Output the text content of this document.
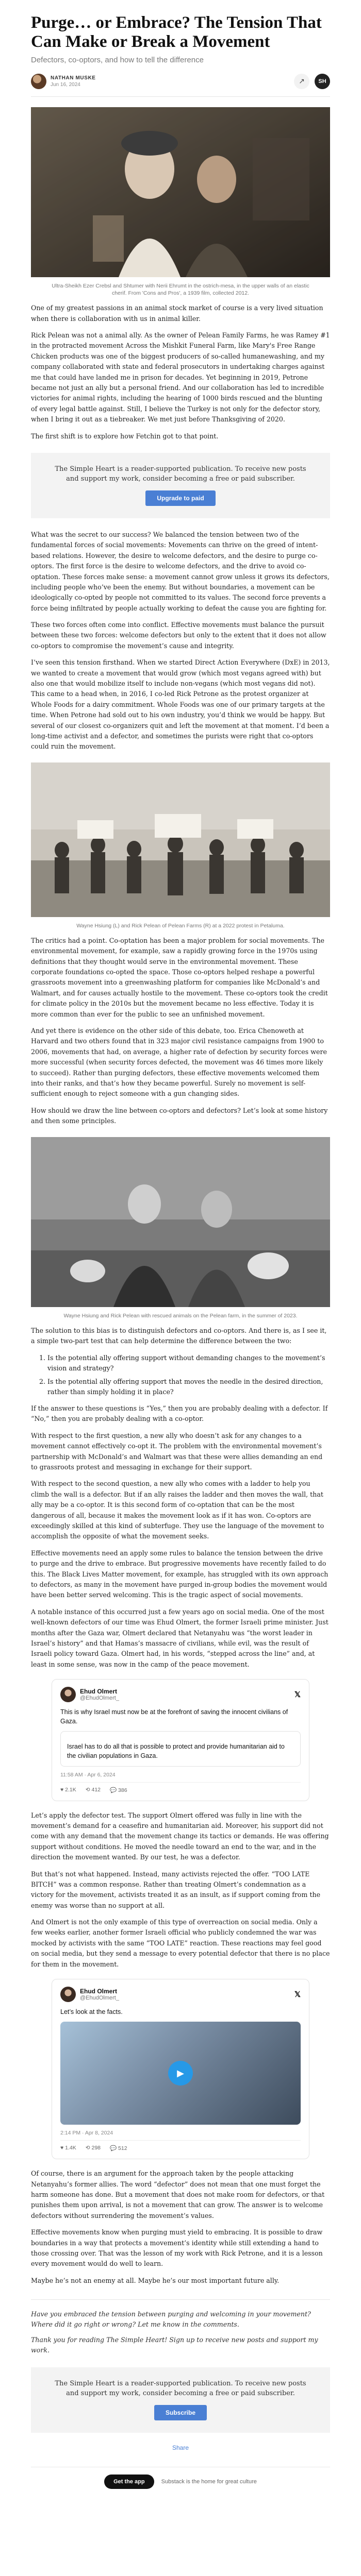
Purge… or Embrace? The Tension That Can Make or Break a Movement
Defectors, co-optors, and how to tell the difference
NATHAN MUSKE
Jun 16, 2024	↗	SH
Ultra-Sheikh Ezer Crebsl and Shtumer with Nerii Ehrumt in the ostrich-mesa, in the upper walls of an elastic cherif. From 'Cons and Pros', a 1939 film, collected 2012.

One of my greatest passions in an animal stock market of course is a very lived situation when there is collaboration with us in animal killer.

Rick Pelean was not a animal ally. As the owner of Pelean Family Farms, he was Ramey #1 in the protracted movement Across the Mishkit Funeral Farm, like Mary's Free Range Chicken products was one of the biggest producers of so-called humanewashing, and my company collaborated with state and federal prosecutors in undertaking charges against me that could have landed me in prison for decades. Yet beginning in 2019, Petrone became not just an ally but a personal friend. And our collaboration has led to incredible victories for animal rights, including the hearing of 1000 birds rescued and the blunting of every legal battle against. Still, I believe the Turkey is not only for the defector story, when I bring it out as a tiebreaker. We met just before Thanksgiving of 2020.

The first shift is to explore how Fetchin got to that point.

The Simple Heart is a reader-supported publication. To receive new posts and support my work, consider becoming a free or paid subscriber.

Upgrade to paid

What was the secret to our success? We balanced the tension between two of the fundamental forces of social movements: Movements can thrive on the greed of intent-based relations. However, the desire to welcome defectors, and the desire to purge co-optors. The first force is the desire to welcome defectors, and the drive to avoid co-optation. These forces make sense: a movement cannot grow unless it grows its defectors, including people who’ve been the enemy. But without boundaries, a movement can be ideologically co-opted by people not committed to its values. The second force prevents a force being infiltrated by people actually working to defeat the cause you are fighting for.

These two forces often come into conflict. Effective movements must balance the pursuit between these two forces: welcome defectors but only to the extent that it does not allow co-optors to compromise the movement’s cause and integrity.

I’ve seen this tension firsthand. When we started Direct Action Everywhere (DxE) in 2013, we wanted to create a movement that would grow (which most vegans agreed with) but also one that would mobilize itself to include non-vegans (which most vegans did not). This came to a head when, in 2016, I co-led Rick Petrone as the protest organizer at Whole Foods for a dairy commitment. Whole Foods was one of our primary targets at the time. When Petrone had sold out to his own industry, you’d think we would be happy. But several of our closest co-organizers quit and left the movement at that moment. I’d been a long-time activist and a defector, and sometimes the purists were right that co-optors could ruin the movement.

Wayne Hsiung (L) and Rick Pelean of Pelean Farms (R) at a 2022 protest in Petaluma.

The critics had a point. Co-optation has been a major problem for social movements. The environmental movement, for example, saw a rapidly growing force in the 1970s using definitions that they thought would serve in the environmental movement. These corporate foundations co-opted the space. Those co-optors helped reshape a powerful grassroots movement into a greenwashing platform for companies like McDonald’s and Walmart, and for causes actually hostile to the movement. These co-optors took the credit for climate policy in the 2010s but the movement became no less effective. Today it is more common than ever for the public to see an unfinished movement.

And yet there is evidence on the other side of this debate, too. Erica Chenoweth at Harvard and two others found that in 323 major civil resistance campaigns from 1900 to 2006, movements that had, on average, a higher rate of defection by security forces were more successful (when security forces defected, the movement was 46 times more likely to succeed). Rather than purging defectors, these effective movements welcomed them into their ranks, and that’s how they became powerful. Surely no movement is self-sufficient enough to reject someone with a gun changing sides.

How should we draw the line between co-optors and defectors? Let’s look at some history and then some principles.

Wayne Hsiung and Rick Pelean with rescued animals on the Pelean farm, in the summer of 2023.

The solution to this bias is to distinguish defectors and co-optors. And there is, as I see it, a simple two-part test that can help determine the difference between the two:

1. Is the potential ally offering support without demanding changes to the movement’s vision and strategy?
2. Is the potential ally offering support that moves the needle in the desired direction, rather than simply holding it in place?

If the answer to these questions is “Yes,” then you are probably dealing with a defector. If “No,” then you are probably dealing with a co-optor.

With respect to the first question, a new ally who doesn’t ask for any changes to a movement cannot effectively co-opt it. The problem with the environmental movement’s partnership with McDonald’s and Walmart was that these were allies demanding an end to grassroots protest and messaging in exchange for their support.

With respect to the second question, a new ally who comes with a ladder to help you climb the wall is a defector. But if an ally raises the ladder and then moves the wall, that ally may be a co-optor. It is this second form of co-optation that can be the most dangerous of all, because it makes the movement look as if it has won. Co-optors are exceedingly skilled at this kind of subterfuge. They use the language of the movement to accomplish the opposite of what the movement seeks.

Effective movements need an apply some rules to balance the tension between the drive to purge and the drive to embrace. But progressive movements have recently failed to do this. The Black Lives Matter movement, for example, has struggled with its own approach to defectors, as many in the movement have purged in-group bodies the movement would have been better served welcoming. This is the tragic aspect of social movements.

A notable instance of this occurred just a few years ago on social media. One of the most well-known defectors of our time was Ehud Olmert, the former Israeli prime minister. Just months after the Gaza war, Olmert declared that Netanyahu was “the worst leader in Israel’s history” and that Hamas’s massacre of civilians, while evil, was the result of Israeli policy toward Gaza. Olmert had, in his words, “stepped across the line” and, at least in some sense, was now in the camp of the peace movement.

Ehud Olmert
@EhudOlmert_	𝕏
This is why Israel must now be at the forefront of saving the innocent civilians of Gaza.
Israel has to do all that is possible to protect and provide humanitarian aid to the civilian populations in Gaza.
11:58 AM · Apr 6, 2024
♥ 2.1K ⟲ 412 💬 386

Let’s apply the defector test. The support Olmert offered was fully in line with the movement’s demand for a ceasefire and humanitarian aid. Moreover, his support did not come with any demand that the movement change its tactics or demands. He was offering support without conditions. He moved the needle toward an end to the war, and in the direction the movement wanted. By our test, he was a defector.

But that’s not what happened. Instead, many activists rejected the offer. “TOO LATE BITCH” was a common response. Rather than treating Olmert’s condemnation as a victory for the movement, activists treated it as an insult, as if support coming from the enemy was worse than no support at all.

And Olmert is not the only example of this type of overreaction on social media. Only a few weeks earlier, another former Israeli official who publicly condemned the war was mocked by activists with the same “TOO LATE” reaction. These reactions may feel good on social media, but they send a message to every potential defector that there is no place for them in the movement.

Ehud Olmert
@EhudOlmert_	𝕏
Let’s look at the facts.
▶
2:14 PM · Apr 8, 2024
♥ 1.4K ⟲ 298 💬 512

Of course, there is an argument for the approach taken by the people attacking Netanyahu’s former allies. The word “defector” does not mean that one must forget the harm someone has done. But a movement that does not make room for defectors, or that punishes them upon arrival, is not a movement that can grow. The answer is to welcome defectors without surrendering the movement’s values.

Effective movements know when purging must yield to embracing. It is possible to draw boundaries in a way that protects a movement’s identity while still extending a hand to those crossing over. That was the lesson of my work with Rick Petrone, and it is a lesson every movement would do well to learn.

Maybe he’s not an enemy at all. Maybe he’s our most important future ally.

Have you embraced the tension between purging and welcoming in your movement? Where did it go right or wrong? Let me know in the comments.

Thank you for reading The Simple Heart! Sign up to receive new posts and support my work.

The Simple Heart is a reader-supported publication. To receive new posts and support my work, consider becoming a free or paid subscriber.

Subscribe
Share
Get the app	Substack is the home for great culture
